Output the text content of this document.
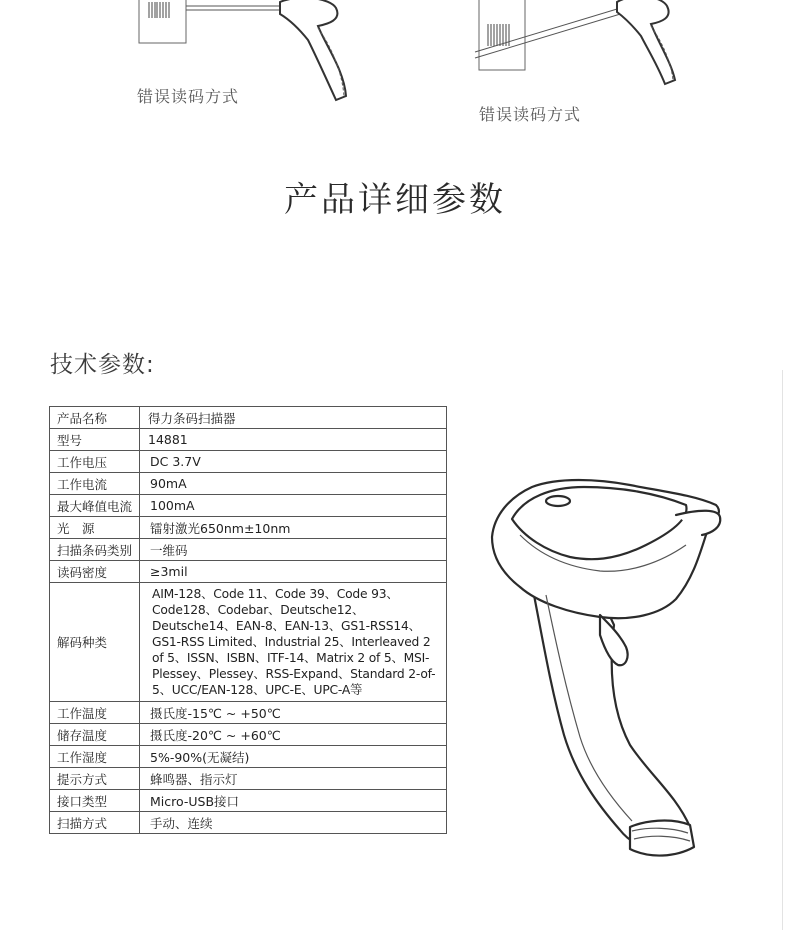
错误读码方式
错误读码方式
产品详细参数
技术参数:
产品名称	得力条码扫描器
型号	14881
工作电压	DC 3.7V
工作电流	90mA
最大峰值电流	100mA
光　源	镭射激光650nm±10nm
扫描条码类别	一维码
读码密度	≥3mil
解码种类	AIM-128、Code 11、Code 39、Code 93、Code128、Codebar、Deutsche12、Deutsche14、EAN-8、EAN-13、GS1-RSS14、GS1-RSS Limited、Industrial 25、Interleaved 2 of 5、ISSN、ISBN、ITF-14、Matrix 2 of 5、MSI-Plessey、Plessey、RSS-Expand、Standard 2-of-5、UCC/EAN-128、UPC-E、UPC-A等
工作温度	摄氏度-15℃ ~ +50℃
储存温度	摄氏度-20℃ ~ +60℃
工作湿度	5%-90%(无凝结)
提示方式	蜂鸣器、指示灯
接口类型	Micro-USB接口
扫描方式	手动、连续
